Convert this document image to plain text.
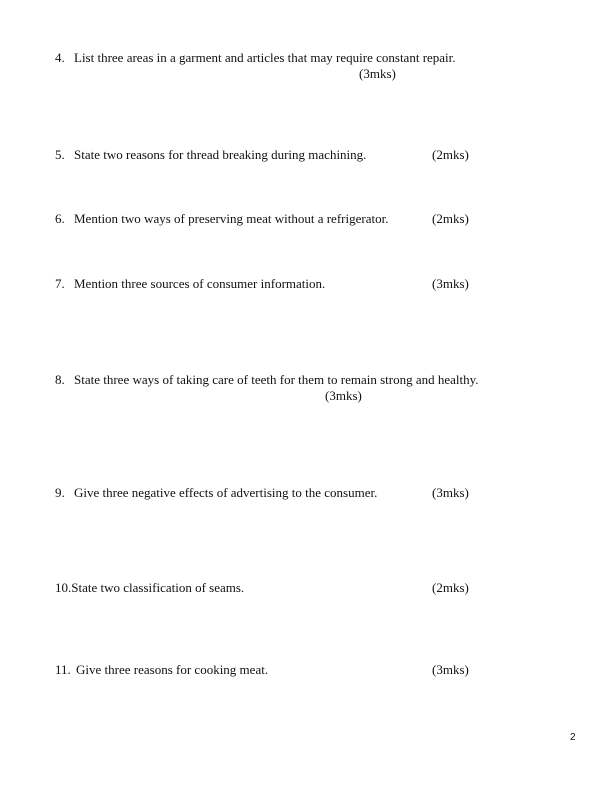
4. List three areas in a garment and articles that may require constant repair.
(3mks)
5. State two reasons for thread breaking during machining.	(2mks)
6. Mention two ways of preserving meat without a refrigerator.	(2mks)
7. Mention three sources of consumer information.	(3mks)
8. State three ways of taking care of teeth for them to remain strong and healthy.
(3mks)
9. Give three negative effects of advertising to the consumer.	(3mks)
10.State two classification of seams.	(2mks)
11. Give three reasons for cooking meat.	(3mks)
2
